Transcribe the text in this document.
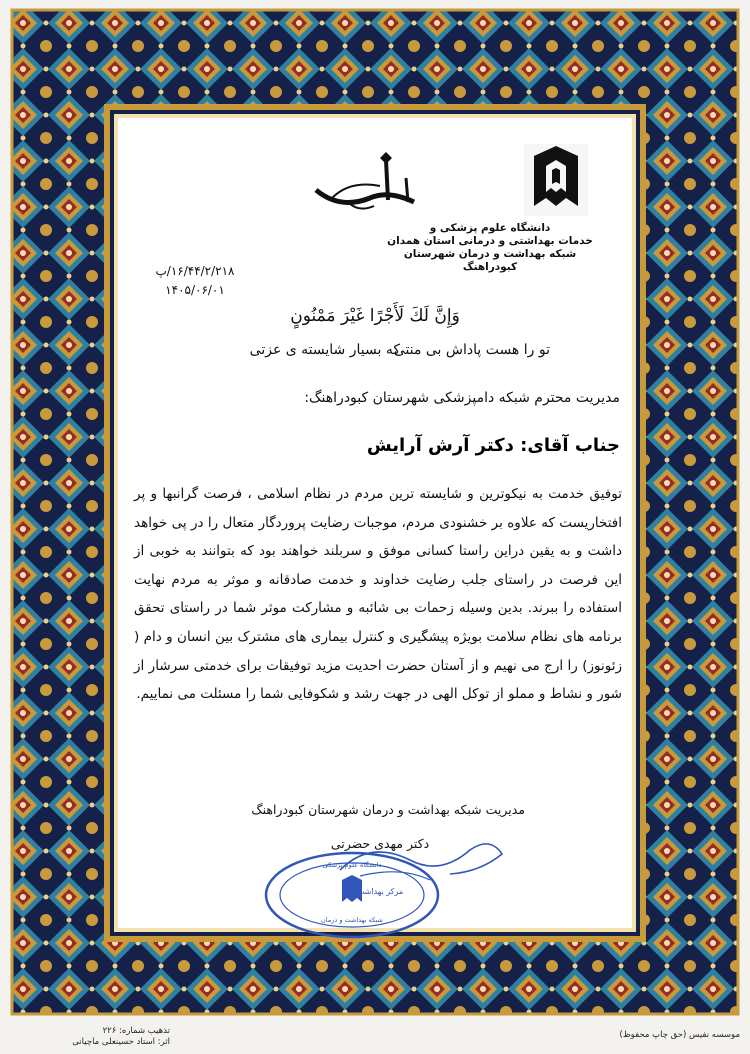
دانشگاه علوم پزشکی و
خدمات بهداشتی و درمانی استان همدان
شبکه بهداشت و درمان شهرستان
کبودراهنگ
۱۶/۴۴/۲/۲۱۸/پ
۱۴۰۵/۰۶/۰۱
وَإِنَّ لَكَ لَأَجْرًا غَيْرَ مَمْنُونٍ
تو را هست پاداش بی منتی
که بسیار شایسته ی عزتی
مدیریت محترم شبکه دامپزشکی شهرستان کبودراهنگ:
جناب آقای: دکتر آرش آرایش

توفیق خدمت به نیکوترین و شایسته ترین مردم در نظام اسلامی ، فرصت گرانبها و پر افتخاریست که علاوه بر خشنودی مردم، موجبات رضایت پروردگار متعال را در پی خواهد داشت و به یقین دراین راستا کسانی موفق و سربلند خواهند بود که بتوانند به خوبی از این فرصت در راستای جلب رضایت خداوند و خدمت صادقانه و موثر به مردم نهایت استفاده را ببرند. بدین وسیله زحمات بی شائبه و مشارکت موثر شما در راستای تحقق برنامه های نظام سلامت بویژه پیشگیری و کنترل بیماری های مشترک بین انسان و دام ( زئونوز) را ارج می نهیم و از آستان حضرت احدیت مزید توفیقات برای خدمتی سرشار از شور و نشاط و مملو از توکل الهی در جهت رشد و شکوفایی شما را مسئلت می نماییم.

مدیریت شبکه بهداشت و درمان شهرستان کبودراهنگ
دکتر مهدی حضرتی
مرکز بهداشت
شبکه بهداشت و درمان
دانشگاه علوم پزشکی
تذهیب شماره: ۲۲۶
اثر: استاد حسینعلی ماچیانی
موسسه نفیس (حق چاپ محفوظ)
